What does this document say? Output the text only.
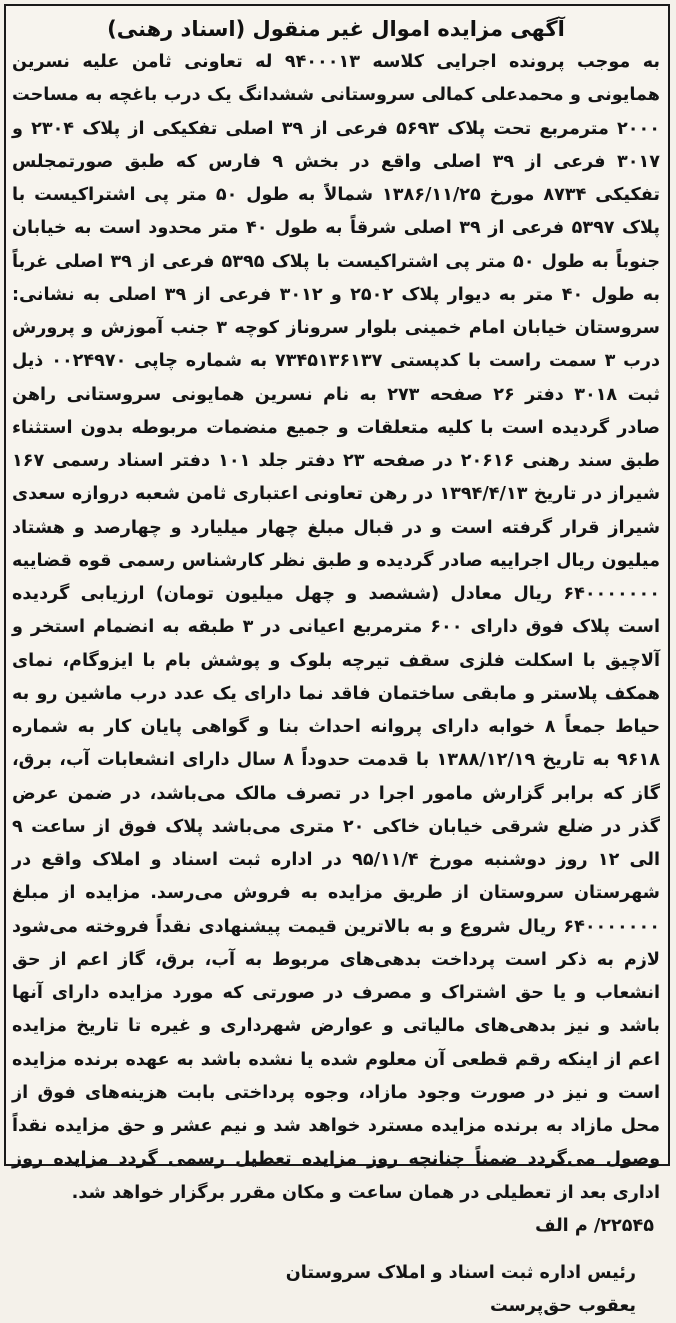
آگهی مزایده اموال غیر منقول (اسناد رهنی)

به موجب پرونده اجرایی کلاسه ۹۴۰۰۰۱۳ له تعاونی ثامن علیه نسرین همایونی و محمدعلی کمالی سروستانی ششدانگ یک درب باغچه به مساحت ۲۰۰۰ مترمربع تحت پلاک ۵۶۹۳ فرعی از ۳۹ اصلی تفکیکی از پلاک ۲۳۰۴ و ۳۰۱۷ فرعی از ۳۹ اصلی واقع در بخش ۹ فارس که طبق صورتمجلس تفکیکی ۸۷۳۴ مورخ ۱۳۸۶/۱۱/۲۵ شمالاً به طول ۵۰ متر پی اشتراکیست با پلاک ۵۳۹۷ فرعی از ۳۹ اصلی شرقاً به طول ۴۰ متر محدود است به خیابان جنوباً به طول ۵۰ متر پی اشتراکیست با پلاک ۵۳۹۵ فرعی از ۳۹ اصلی غرباً به طول ۴۰ متر به دیوار پلاک ۲۵۰۲ و ۳۰۱۲ فرعی از ۳۹ اصلی به نشانی: سروستان خیابان امام خمینی بلوار سروناز کوچه ۳ جنب آموزش و پرورش درب ۳ سمت راست با کدپستی ۷۳۴۵۱۳۶۱۳۷ به شماره چاپی ۰۰۲۴۹۷۰ ذیل ثبت ۳۰۱۸ دفتر ۲۶ صفحه ۲۷۳ به نام نسرین همایونی سروستانی راهن صادر گردیده است با کلیه متعلقات و جمیع منضمات مربوطه بدون استثناء طبق سند رهنی ۲۰۶۱۶ در صفحه ۲۳ دفتر جلد ۱۰۱ دفتر اسناد رسمی ۱۶۷ شیراز در تاریخ ۱۳۹۴/۴/۱۳ در رهن تعاونی اعتباری ثامن شعبه دروازه سعدی شیراز قرار گرفته است و در قبال مبلغ چهار میلیارد و چهارصد و هشتاد میلیون ریال اجراییه صادر گردیده و طبق نظر کارشناس رسمی قوه قضاییه ۶۴۰۰۰۰۰۰۰ ریال معادل (ششصد و چهل میلیون تومان) ارزیابی گردیده است پلاک فوق دارای ۶۰۰ مترمربع اعیانی در ۳ طبقه به انضمام استخر و آلاچیق با اسکلت فلزی سقف تیرچه بلوک و پوشش بام با ایزوگام، نمای همکف پلاستر و مابقی ساختمان فاقد نما دارای یک عدد درب ماشین رو به حیاط جمعاً ۸ خوابه دارای پروانه احداث بنا و گواهی پایان کار به شماره ۹۶۱۸ به تاریخ ۱۳۸۸/۱۲/۱۹ با قدمت حدوداً ۸ سال دارای انشعابات آب، برق، گاز که برابر گزارش مامور اجرا در تصرف مالک می‌باشد، در ضمن عرض گذر در ضلع شرقی خیابان خاکی ۲۰ متری می‌باشد پلاک فوق از ساعت ۹ الی ۱۲ روز دوشنبه مورخ ۹۵/۱۱/۴ در اداره ثبت اسناد و املاک واقع در شهرستان سروستان از طریق مزایده به فروش می‌رسد. مزایده از مبلغ ۶۴۰۰۰۰۰۰۰ ریال شروع و به بالاترین قیمت پیشنهادی نقداً فروخته می‌شود لازم به ذکر است پرداخت بدهی‌های مربوط به آب، برق، گاز اعم از حق انشعاب و یا حق اشتراک و مصرف در صورتی که مورد مزایده دارای آنها باشد و نیز بدهی‌های مالیاتی و عوارض شهرداری و غیره تا تاریخ مزایده اعم از اینکه رقم قطعی آن معلوم شده یا نشده باشد به عهده برنده مزایده است و نیز در صورت وجود مازاد، وجوه پرداختی بابت هزینه‌های فوق از محل مازاد به برنده مزایده مسترد خواهد شد و نیم عشر و حق مزایده نقداً وصول می‌گردد ضمناً چنانچه روز مزایده تعطیل رسمی گردد مزایده روز اداری بعد از تعطیلی در همان ساعت و مکان مقرر برگزار خواهد شد.

۲۲۵۴۵/ م الف
رئیس اداره ثبت اسناد و املاک سروستان
یعقوب حق‌پرست
